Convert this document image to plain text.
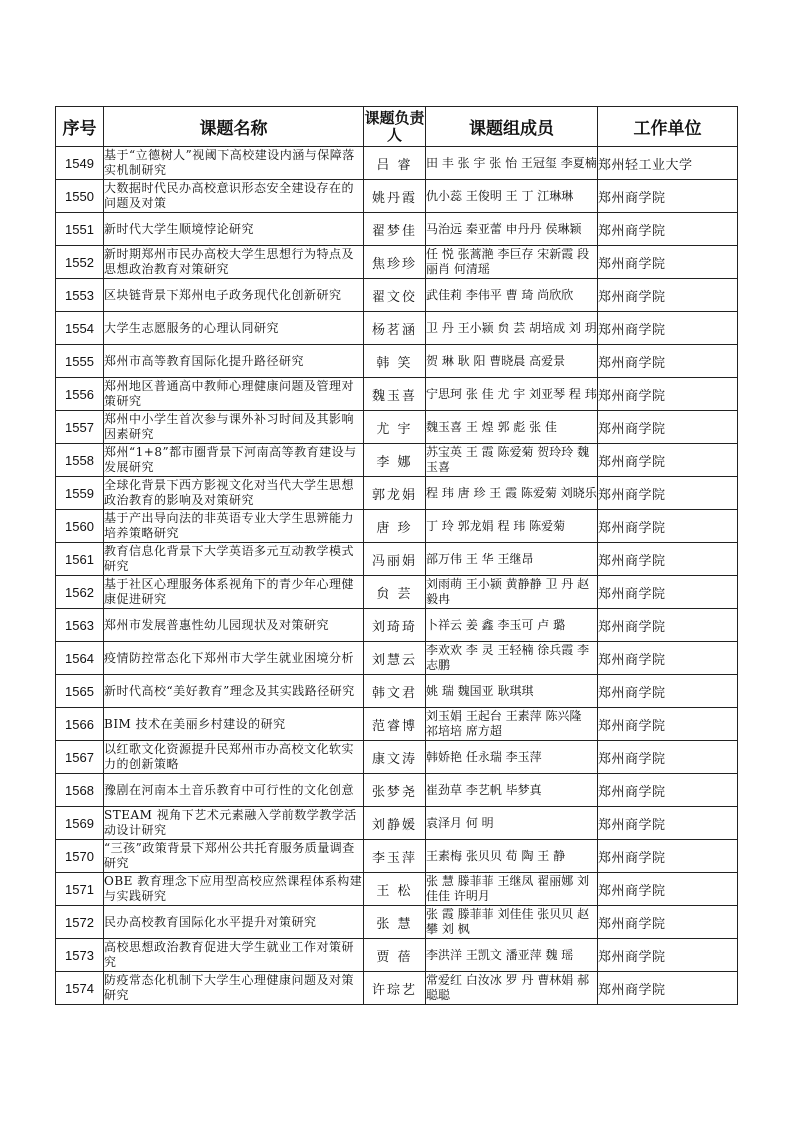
序号	课题名称	课题负责人	课题组成员	工作单位
1549	基于“立德树人”视阈下高校建设内涵与保障落实机制研究	吕 睿	田 丰 张 宇 张 怡 王冠玺 李夏楠	郑州轻工业大学
1550	大数据时代民办高校意识形态安全建设存在的问题及对策	姚丹霞	仇小蕊 王俊明 王 丁 江琳琳	郑州商学院
1551	新时代大学生顺境悖论研究	翟梦佳	马治远 秦亚蕾 申丹丹 侯琳颖	郑州商学院
1552	新时期郑州市民办高校大学生思想行为特点及思想政治教育对策研究	焦珍珍	任 悦 张蒿滟 李巨存 宋新霞 段丽肖 何清瑶	郑州商学院
1553	区块链背景下郑州电子政务现代化创新研究	翟文佼	武佳莉 李伟平 曹 琦 尚欣欣	郑州商学院
1554	大学生志愿服务的心理认同研究	杨茗涵	卫 丹 王小颍 贠 芸 胡培成 刘 玥	郑州商学院
1555	郑州市高等教育国际化提升路径研究	韩 笑	贺 琳 耿 阳 曹晓晨 高爱景	郑州商学院
1556	郑州地区普通高中教师心理健康问题及管理对策研究	魏玉喜	宁思珂 张 佳 尤 宇 刘亚琴 程 玮	郑州商学院
1557	郑州中小学生首次参与课外补习时间及其影响因素研究	尤 宇	魏玉喜 王 煌 郭 彪 张 佳	郑州商学院
1558	郑州“1+8”都市圈背景下河南高等教育建设与发展研究	李 娜	苏宝英 王 霞 陈爱菊 贺玲玲 魏玉喜	郑州商学院
1559	全球化背景下西方影视文化对当代大学生思想政治教育的影响及对策研究	郭龙娟	程 玮 唐 珍 王 霞 陈爱菊 刘晓乐	郑州商学院
1560	基于产出导向法的非英语专业大学生思辨能力培养策略研究	唐 珍	丁 玲 郭龙娟 程 玮 陈爱菊	郑州商学院
1561	教育信息化背景下大学英语多元互动教学模式研究	冯丽娟	部万伟 王 华 王继昂	郑州商学院
1562	基于社区心理服务体系视角下的青少年心理健康促进研究	贠 芸	刘雨萌 王小颍 黄静静 卫 丹 赵毅冉	郑州商学院
1563	郑州市发展普惠性幼儿园现状及对策研究	刘琦琦	卜祥云 姜 鑫 李玉可 卢 璐	郑州商学院
1564	疫情防控常态化下郑州市大学生就业困境分析	刘慧云	李欢欢 李 灵 王轻楠 徐兵霞 李志鹏	郑州商学院
1565	新时代高校“美好教育”理念及其实践路径研究	韩文君	姚 瑞 魏国亚 耿琪琪	郑州商学院
1566	BIM 技术在美丽乡村建设的研究	范睿博	刘玉娟 王起台 王素萍 陈兴隆 祁培培 席方超	郑州商学院
1567	以红歌文化资源提升民郑州市办高校文化软实力的创新策略	康文涛	韩娇艳 任永瑞 李玉萍	郑州商学院
1568	豫剧在河南本土音乐教育中可行性的文化创意	张梦尧	崔劲草 李艺帆 毕梦真	郑州商学院
1569	STEAM 视角下艺术元素融入学前数学教学活动设计研究	刘静媛	袁泽月 何 明	郑州商学院
1570	“三孩”政策背景下郑州公共托育服务质量调查研究	李玉萍	王素梅 张贝贝 荀 陶 王 静	郑州商学院
1571	OBE 教育理念下应用型高校应然课程体系构建与实践研究	王 松	张 慧 滕菲菲 王继凤 翟丽娜 刘佳佳 许明月	郑州商学院
1572	民办高校教育国际化水平提升对策研究	张 慧	张 霞 滕菲菲 刘佳佳 张贝贝 赵 攀 刘 枫	郑州商学院
1573	高校思想政治教育促进大学生就业工作对策研究	贾 蓓	李洪洋 王凯文 潘亚萍 魏 瑶	郑州商学院
1574	防疫常态化机制下大学生心理健康问题及对策研究	许琮艺	常爱红 白汝冰 罗 丹 曹林娟 郝聪聪	郑州商学院
